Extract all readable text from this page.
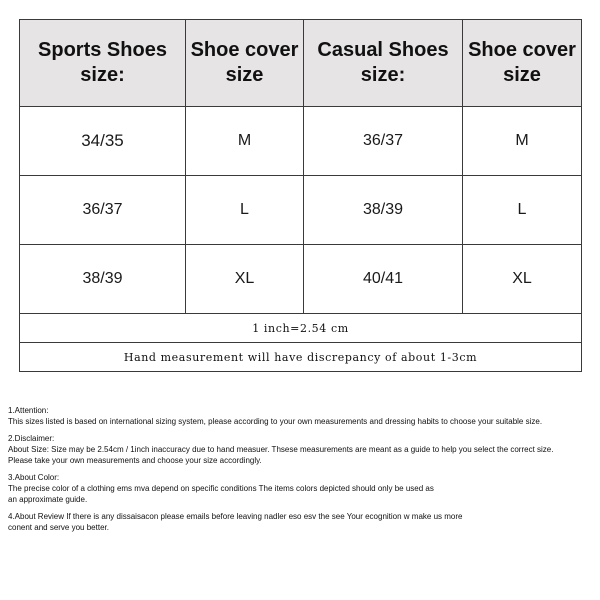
Sports Shoes size:	Shoe cover size	Casual Shoes size:	Shoe cover size
34/35	M	36/37	M
36/37	L	38/39	L
38/39	XL	40/41	XL
1 inch=2.54 cm			
Hand measurement will have discrepancy of about 1-3cm			
1.Attention:
This sizes listed is based on international sizing system, please according to your own measurements and dressing habits to choose your suitable size.
2.Disclaimer:
About Size: Size may be 2.54cm / 1inch inaccuracy due to hand measuer. Thsese measurements are meant as a guide to help you select the correct size.
Please take your own measurements and choose your size accordingly.
3.About Color:
The precise color of a clothing ems mva depend on specific conditions The items colors depicted should only be used as
an approximate guide.
4.About Review If there is any dissaisacon please emails before leaving nadler eso esv the see Your ecognition w make us more
conent and serve you better.
